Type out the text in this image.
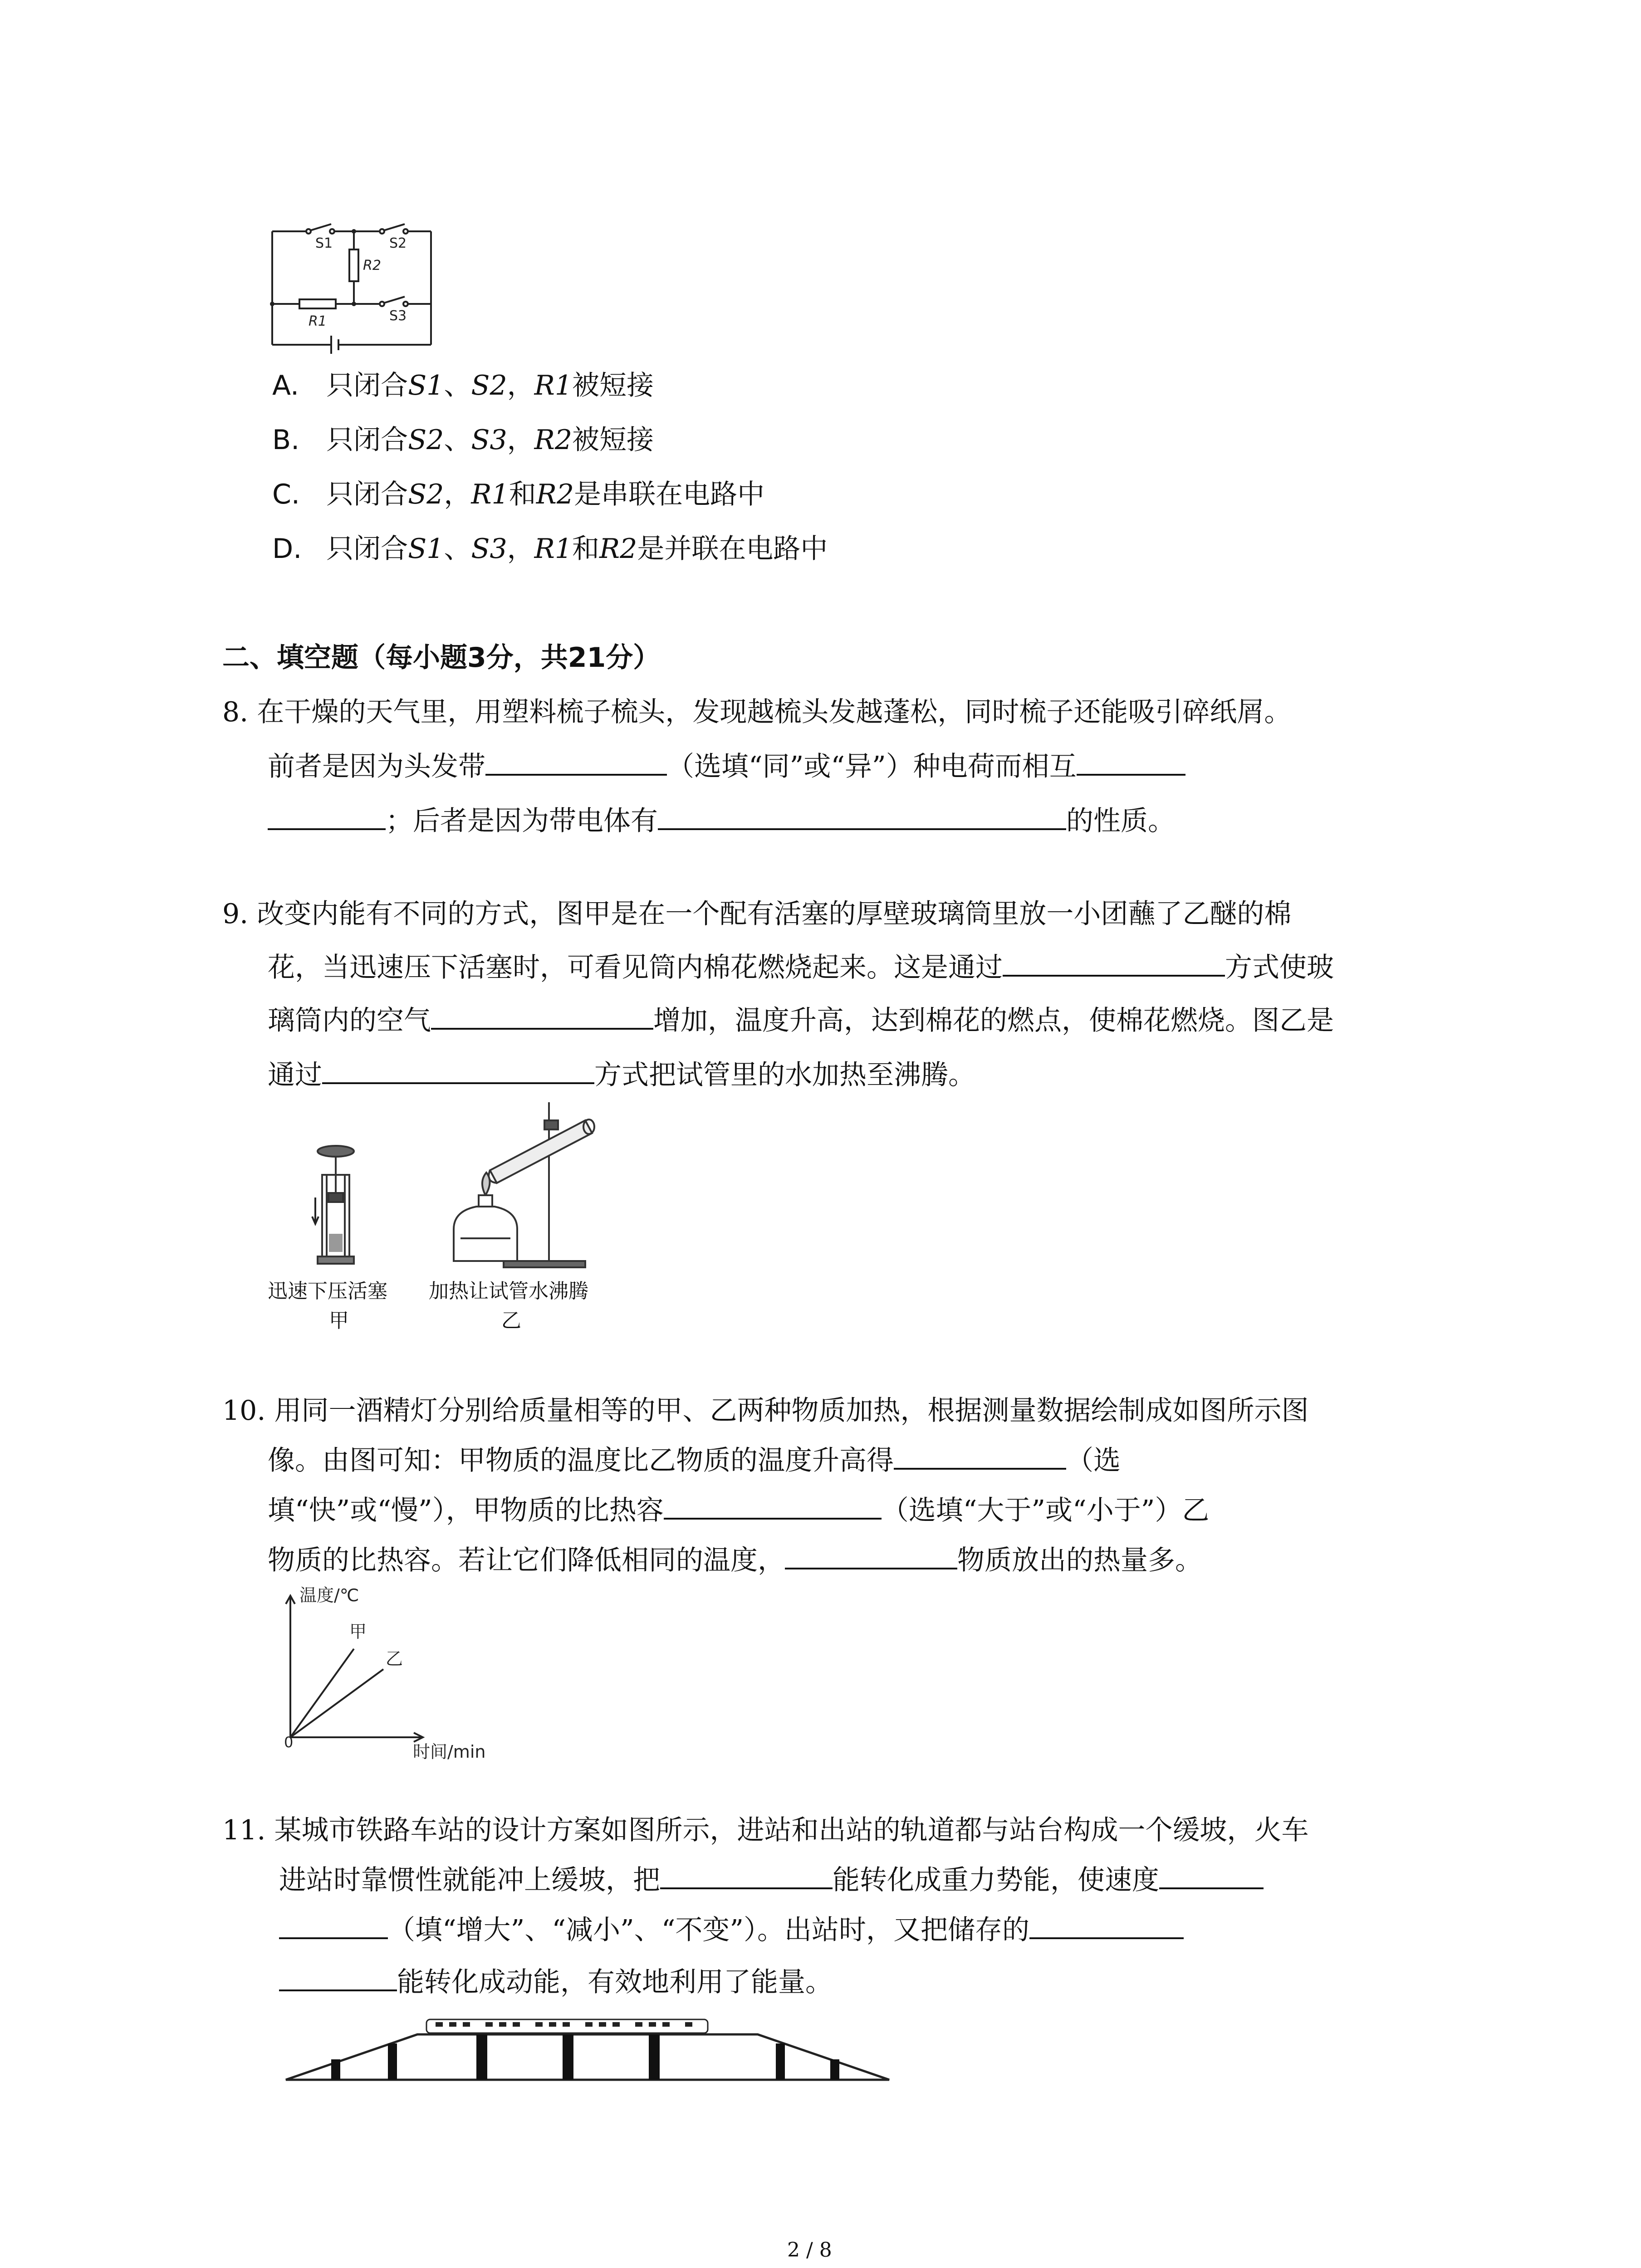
S1	S2
R2
R1	S3
A. 只闭合S1、S2，R1被短接
B. 只闭合S2、S3，R2被短接
C. 只闭合S2，R1和R2是串联在电路中
D. 只闭合S1、S3，R1和R2是并联在电路中
二、填空题（每小题3分，共21分）
8. 在干燥的天气里，用塑料梳子梳头，发现越梳头发越蓬松，同时梳子还能吸引碎纸屑。
前者是因为头发带	（选填“同”或“异”）种电荷而相互
；后者是因为带电体有	的性质。
9. 改变内能有不同的方式，图甲是在一个配有活塞的厚壁玻璃筒里放一小团蘸了乙醚的棉
花，当迅速压下活塞时，可看见筒内棉花燃烧起来。这是通过	方式使玻
璃筒内的空气	增加，温度升高，达到棉花的燃点，使棉花燃烧。图乙是
通过	方式把试管里的水加热至沸腾。
迅速下压活塞
甲
加热让试管水沸腾
乙
10. 用同一酒精灯分别给质量相等的甲、乙两种物质加热，根据测量数据绘制成如图所示图
像。由图可知：甲物质的温度比乙物质的温度升高得	（选
填“快”或“慢”），甲物质的比热容	（选填“大于”或“小于”）乙
物质的比热容。若让它们降低相同的温度，	物质放出的热量多。
温度/℃
甲
乙
0	时间/min
11. 某城市铁路车站的设计方案如图所示，进站和出站的轨道都与站台构成一个缓坡，火车
进站时靠惯性就能冲上缓坡，把	能转化成重力势能，使速度
（填“增大”、“减小”、“不变”）。出站时，又把储存的
能转化成动能，有效地利用了能量。
2 / 8
